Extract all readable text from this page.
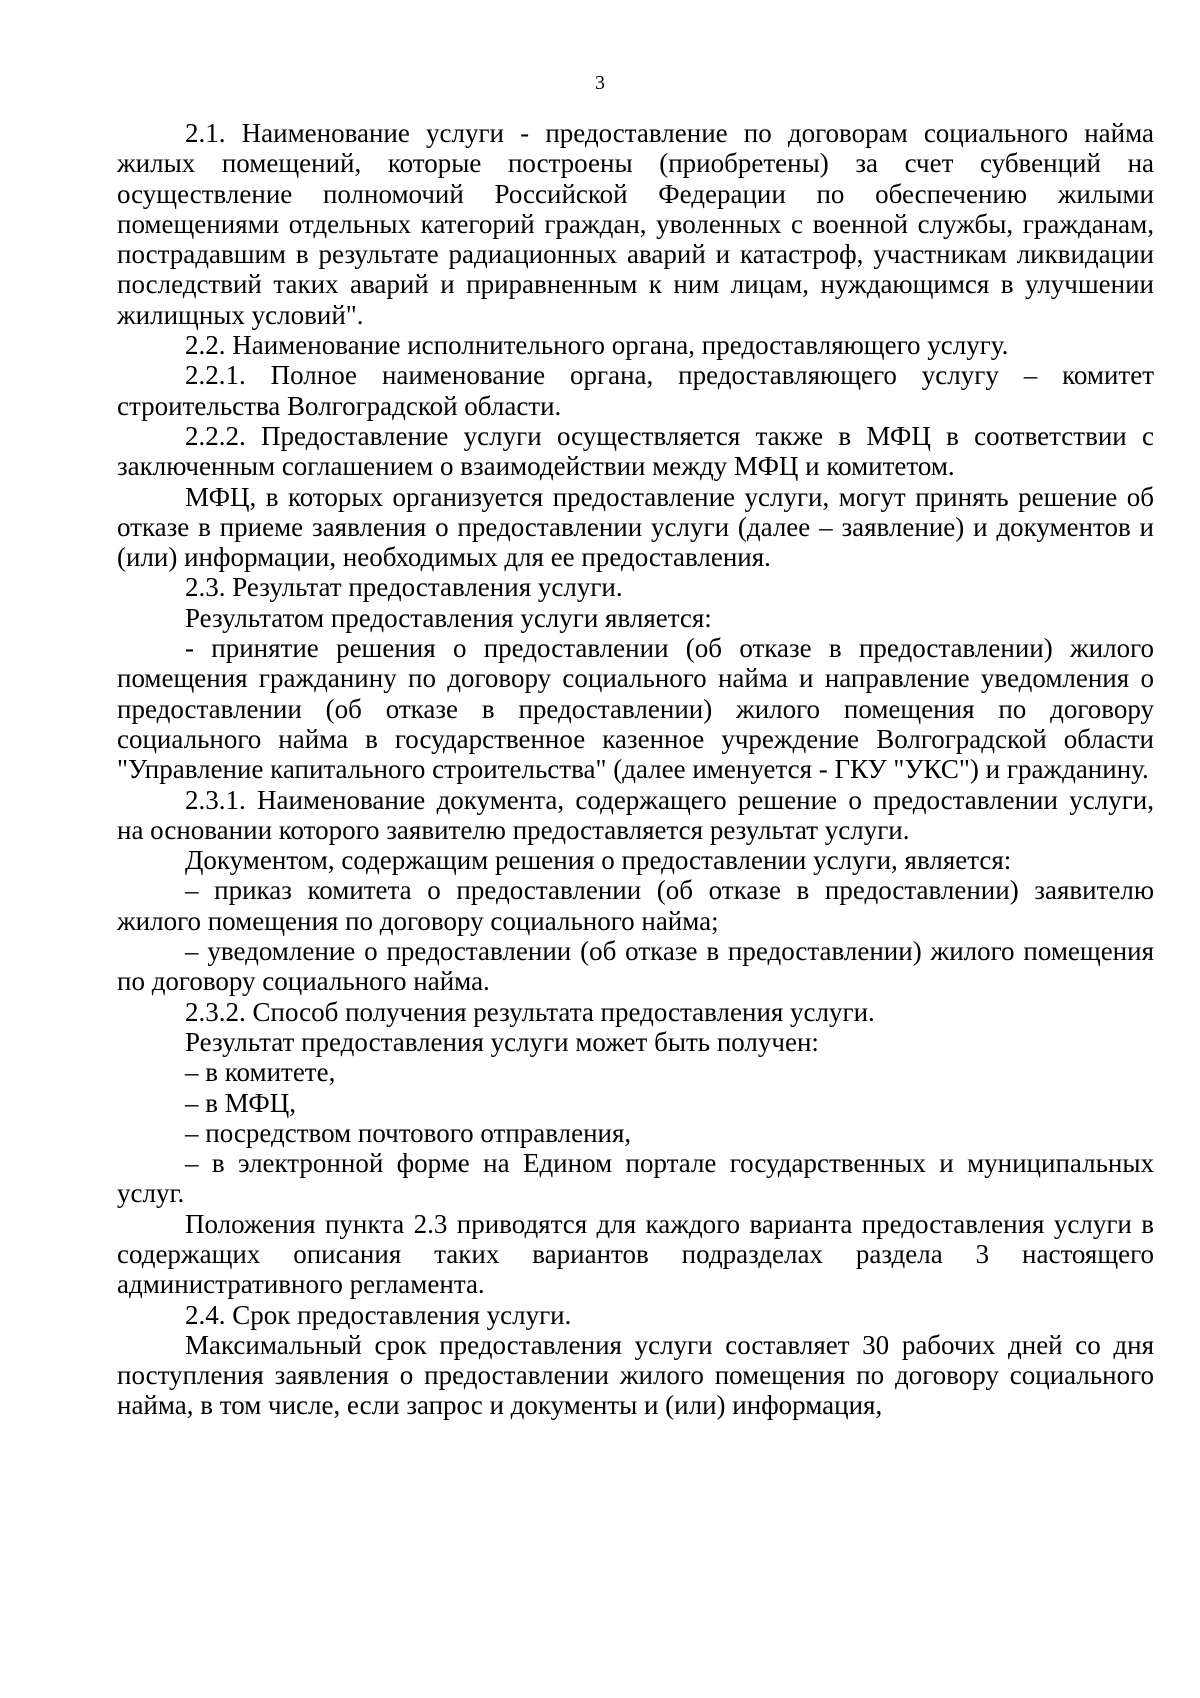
3

2.1. Наименование услуги - предоставление по договорам социального найма жилых помещений, которые построены (приобретены) за счет субвенций на осуществление полномочий Российской Федерации по обеспечению жилыми помещениями отдельных категорий граждан, уволенных с военной службы, гражданам, пострадавшим в результате радиационных аварий и катастроф, участникам ликвидации последствий таких аварий и приравненным к ним лицам, нуждающимся в улучшении жилищных условий".

2.2. Наименование исполнительного органа, предоставляющего услугу.

2.2.1. Полное наименование органа, предоставляющего услугу – комитет строительства Волгоградской области.

2.2.2. Предоставление услуги осуществляется также в МФЦ в соответствии с заключенным соглашением о взаимодействии между МФЦ и комитетом.

МФЦ, в которых организуется предоставление услуги, могут принять решение об отказе в приеме заявления о предоставлении услуги (далее – заявление) и документов и (или) информации, необходимых для ее предоставления.

2.3. Результат предоставления услуги.

Результатом предоставления услуги является:

- принятие решения о предоставлении (об отказе в предоставлении) жилого помещения гражданину по договору социального найма и направление уведомления о предоставлении (об отказе в предоставлении) жилого помещения по договору социального найма в государственное казенное учреждение Волгоградской области "Управление капитального строительства" (далее именуется - ГКУ "УКС") и гражданину.

2.3.1. Наименование документа, содержащего решение о предоставлении услуги, на основании которого заявителю предоставляется результат услуги.

Документом, содержащим решения о предоставлении услуги, является:

– приказ комитета о предоставлении (об отказе в предоставлении) заявителю жилого помещения по договору социального найма;

– уведомление о предоставлении (об отказе в предоставлении) жилого помещения по договору социального найма.

2.3.2. Способ получения результата предоставления услуги.

Результат предоставления услуги может быть получен:

– в комитете,

– в МФЦ,

– посредством почтового отправления,

– в электронной форме на Едином портале государственных и муниципальных услуг.

Положения пункта 2.3 приводятся для каждого варианта предоставления услуги в содержащих описания таких вариантов подразделах раздела 3 настоящего административного регламента.

2.4. Срок предоставления услуги.

Максимальный срок предоставления услуги составляет 30 рабочих дней со дня поступления заявления о предоставлении жилого помещения по договору социального найма, в том числе, если запрос и документы и (или) информация,
